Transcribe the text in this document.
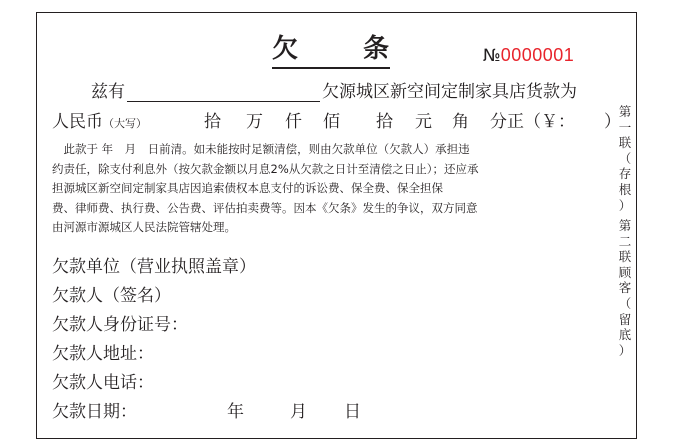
欠 条	№0000001
兹有	欠源城区新空间定制家具店货款为
人民币（大写）	拾 万 仟 佰 拾 元 角 分正（￥： ）
　此款于 年　月　日前清。如未能按时足额清偿，则由欠款单位（欠款人）承担违
约责任，除支付利息外（按欠款金额以月息2%从欠款之日计至清偿之日止）；还应承
担源城区新空间定制家具店因追索债权本息支付的诉讼费、保全费、保全担保
费、律师费、执行费、公告费、评估拍卖费等。因本《欠条》发生的争议，双方同意
由河源市源城区人民法院管辖处理。
欠款单位（营业执照盖章）
欠款人（签名）
欠款人身份证号：
欠款人地址：
欠款人电话：
欠款日期：	年	月 日
第
一
联
（
存
根
）
第
二
联
顾
客
（
留
底
）
